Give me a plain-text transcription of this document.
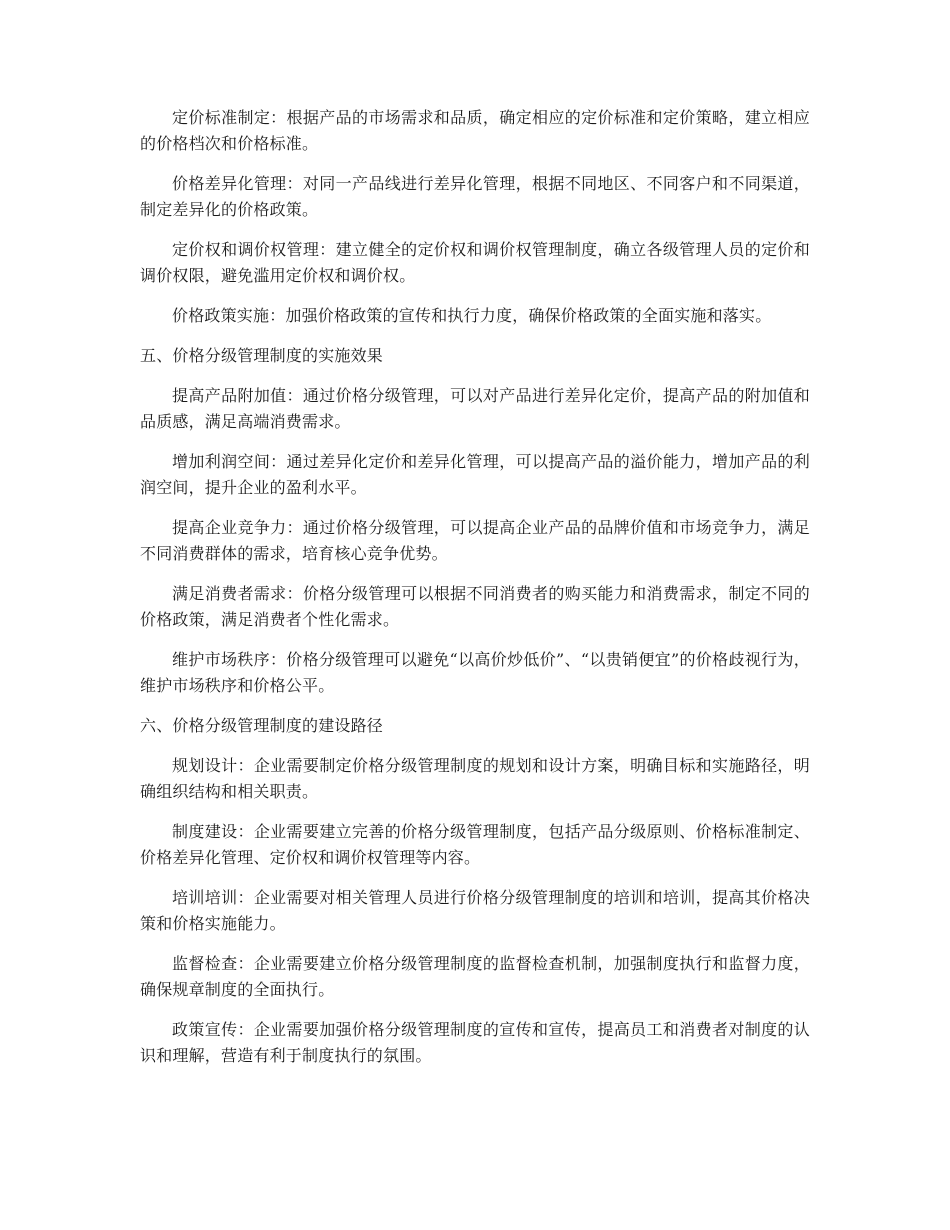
定价标准制定：根据产品的市场需求和品质，确定相应的定价标准和定价策略，建立相应的价格档次和价格标准。

价格差异化管理：对同一产品线进行差异化管理，根据不同地区、不同客户和不同渠道，制定差异化的价格政策。

定价权和调价权管理：建立健全的定价权和调价权管理制度，确立各级管理人员的定价和调价权限，避免滥用定价权和调价权。

价格政策实施：加强价格政策的宣传和执行力度，确保价格政策的全面实施和落实。

五、价格分级管理制度的实施效果

提高产品附加值：通过价格分级管理，可以对产品进行差异化定价，提高产品的附加值和品质感，满足高端消费需求。

增加利润空间：通过差异化定价和差异化管理，可以提高产品的溢价能力，增加产品的利润空间，提升企业的盈利水平。

提高企业竞争力：通过价格分级管理，可以提高企业产品的品牌价值和市场竞争力，满足不同消费群体的需求，培育核心竞争优势。

满足消费者需求：价格分级管理可以根据不同消费者的购买能力和消费需求，制定不同的价格政策，满足消费者个性化需求。

维护市场秩序：价格分级管理可以避免“以高价炒低价”、“以贵销便宜”的价格歧视行为，维护市场秩序和价格公平。

六、价格分级管理制度的建设路径

规划设计：企业需要制定价格分级管理制度的规划和设计方案，明确目标和实施路径，明确组织结构和相关职责。

制度建设：企业需要建立完善的价格分级管理制度，包括产品分级原则、价格标准制定、价格差异化管理、定价权和调价权管理等内容。

培训培训：企业需要对相关管理人员进行价格分级管理制度的培训和培训，提高其价格决策和价格实施能力。

监督检查：企业需要建立价格分级管理制度的监督检查机制，加强制度执行和监督力度，确保规章制度的全面执行。

政策宣传：企业需要加强价格分级管理制度的宣传和宣传，提高员工和消费者对制度的认识和理解，营造有利于制度执行的氛围。
